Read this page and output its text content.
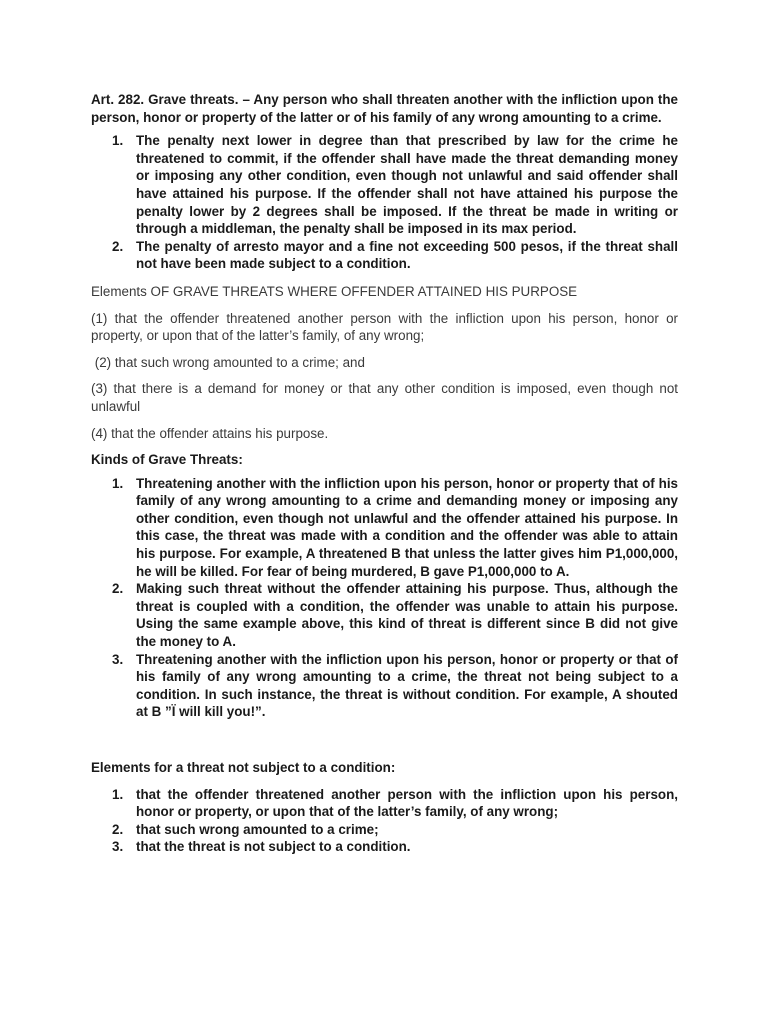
Art. 282. Grave threats. – Any person who shall threaten another with the infliction upon the person, honor or property of the latter or of his family of any wrong amounting to a crime.

1. The penalty next lower in degree than that prescribed by law for the crime he threatened to commit, if the offender shall have made the threat demanding money or imposing any other condition, even though not unlawful and said offender shall have attained his purpose. If the offender shall not have attained his purpose the penalty lower by 2 degrees shall be imposed. If the threat be made in writing or through a middleman, the penalty shall be imposed in its max period.
2. The penalty of arresto mayor and a fine not exceeding 500 pesos, if the threat shall not have been made subject to a condition.

Elements OF GRAVE THREATS WHERE OFFENDER ATTAINED HIS PURPOSE

(1) that the offender threatened another person with the infliction upon his person, honor or property, or upon that of the latter’s family, of any wrong;

(2) that such wrong amounted to a crime; and

(3) that there is a demand for money or that any other condition is imposed, even though not unlawful

(4) that the offender attains his purpose.

Kinds of Grave Threats:

1. Threatening another with the infliction upon his person, honor or property that of his family of any wrong amounting to a crime and demanding money or imposing any other condition, even though not unlawful and the offender attained his purpose. In this case, the threat was made with a condition and the offender was able to attain his purpose. For example, A threatened B that unless the latter gives him P1,000,000, he will be killed. For fear of being murdered, B gave P1,000,000 to A.
2. Making such threat without the offender attaining his purpose. Thus, although the threat is coupled with a condition, the offender was unable to attain his purpose. Using the same example above, this kind of threat is different since B did not give the money to A.
3. Threatening another with the infliction upon his person, honor or property or that of his family of any wrong amounting to a crime, the threat not being subject to a condition. In such instance, the threat is without condition. For example, A shouted at B ”Ï will kill you!”.

Elements for a threat not subject to a condition:

1. that the offender threatened another person with the infliction upon his person, honor or property, or upon that of the latter’s family, of any wrong;
2. that such wrong amounted to a crime;
3. that the threat is not subject to a condition.
